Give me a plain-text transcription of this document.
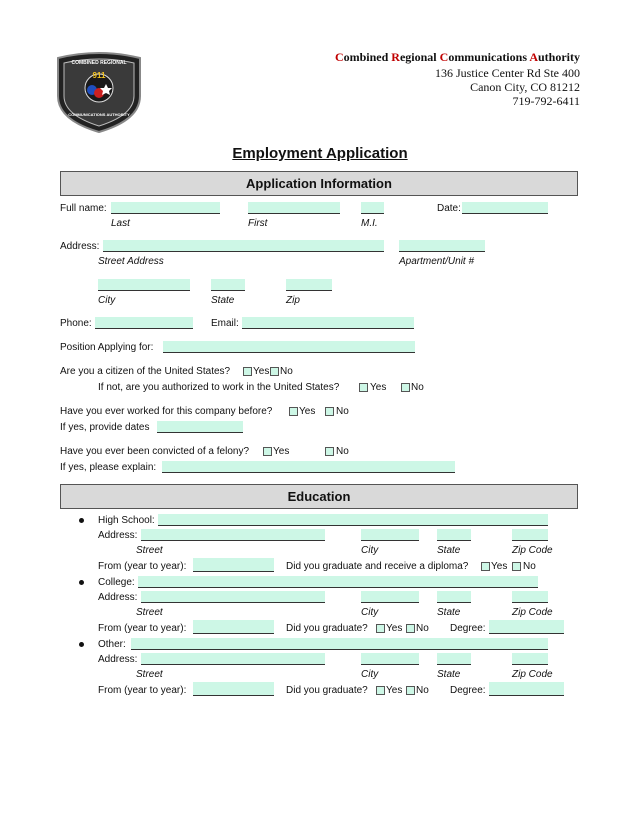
COMBINED REGIONAL
911
COMMUNICATIONS AUTHORITY
Combined Regional Communications Authority
136 Justice Center Rd Ste 400
Canon City, CO 81212
719-792-6411
Employment Application
Application Information
Full name:	Date:
Last	First	M.I.
Address:
Street Address	Apartment/Unit #
City	State	Zip
Phone:	Email:
Position Applying for:
Are you a citizen of the United States? Yes No
If not, are you authorized to work in the United States?	Yes No
Have you ever worked for this company before?	Yes No
If yes, provide dates
Have you ever been convicted of a felony? Yes	No
If yes, please explain:
Education
High School:
Address:
Street	City	State	Zip Code
From (year to year):	Did you graduate and receive a diploma? Yes No
College:
Address:
Street	City	State	Zip Code
From (year to year):	Did you graduate? Yes No Degree:
Other:
Address:
Street	City	State	Zip Code
From (year to year):	Did you graduate? Yes No Degree:
